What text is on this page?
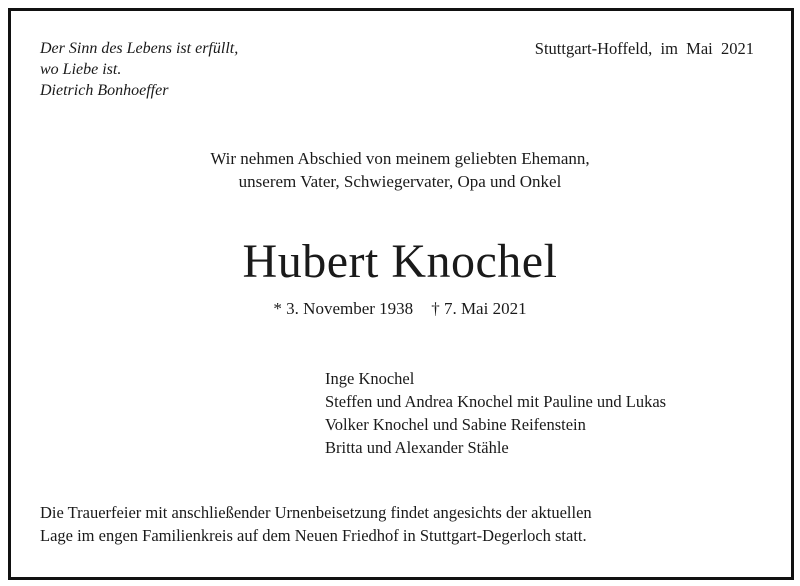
Der Sinn des Lebens ist erfüllt,
wo Liebe ist.
Dietrich Bonhoeffer
Stuttgart-Hoffeld,  im  Mai  2021
Wir nehmen Abschied von meinem geliebten Ehemann,
unserem Vater, Schwiegervater, Opa und Onkel
Hubert Knochel
* 3. November 1938 † 7. Mai 2021
Inge Knochel
Steffen und Andrea Knochel mit Pauline und Lukas
Volker Knochel und Sabine Reifenstein
Britta und Alexander Stähle
Die Trauerfeier mit anschließender Urnenbeisetzung findet angesichts der aktuellen
Lage im engen Familienkreis auf dem Neuen Friedhof in Stuttgart-Degerloch statt.
